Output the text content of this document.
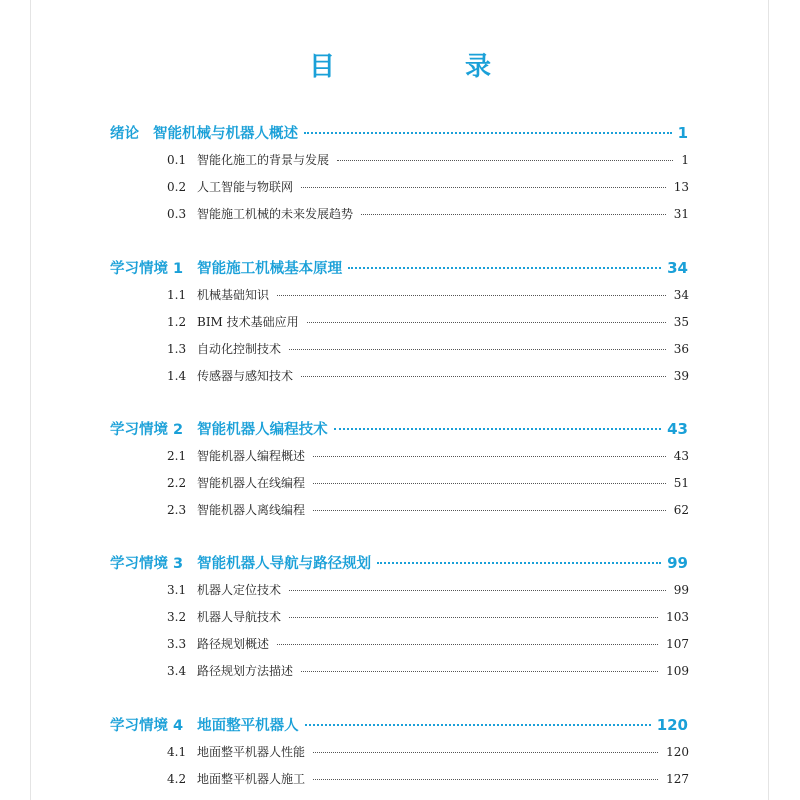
目　录
绪论 智能机械与机器人概述	1
0.1 智能化施工的背景与发展	1
0.2 人工智能与物联网	13
0.3 智能施工机械的未来发展趋势	31
学习情境 1 智能施工机械基本原理	34
1.1 机械基础知识	34
1.2 BIM 技术基础应用	35
1.3 自动化控制技术	36
1.4 传感器与感知技术	39
学习情境 2 智能机器人编程技术	43
2.1 智能机器人编程概述	43
2.2 智能机器人在线编程	51
2.3 智能机器人离线编程	62
学习情境 3 智能机器人导航与路径规划	99
3.1 机器人定位技术	99
3.2 机器人导航技术	103
3.3 路径规划概述	107
3.4 路径规划方法描述	109
学习情境 4 地面整平机器人	120
4.1 地面整平机器人性能	120
4.2 地面整平机器人施工	127
